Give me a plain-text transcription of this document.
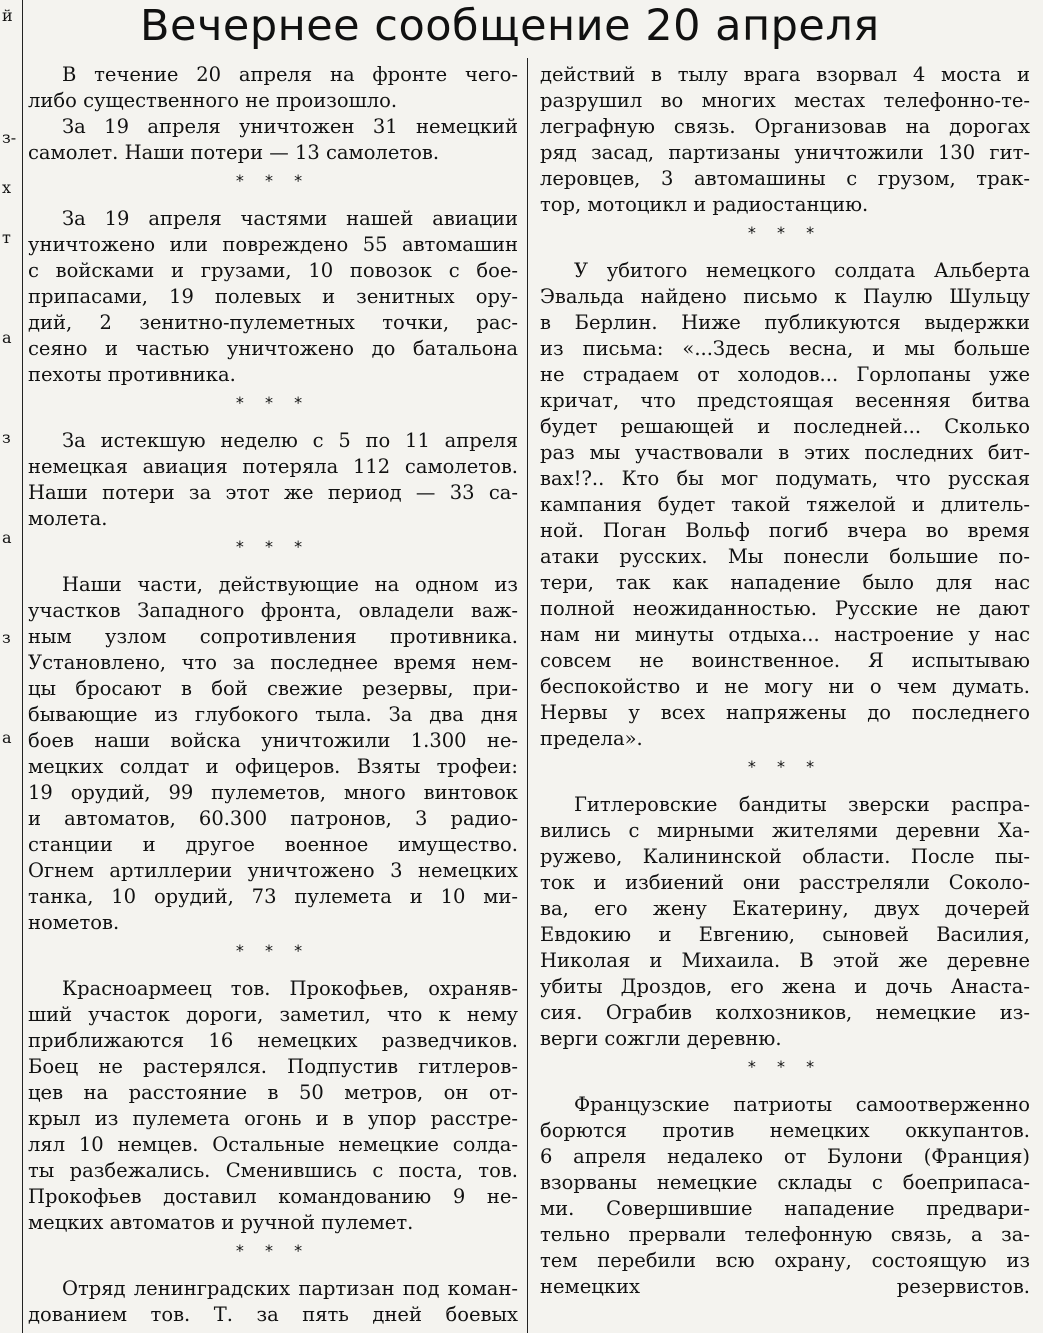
й
з-
х
т
а
з
а
з
а
Вечернее сообщение 20 апреля
В течение 20 апреля на фронте чего-
либо существенного не произошло.
За 19 апреля уничтожен 31 немецкий
самолет. Наши потери — 13 самолетов.
* * *
За 19 апреля частями нашей авиации
уничтожено или повреждено 55 автомашин
с войсками и грузами, 10 повозок с бое-
припасами, 19 полевых и зенитных ору-
дий, 2 зенитно-пулеметных точки, рас-
сеяно и частью уничтожено до батальона
пехоты противника.
* * *
За истекшую неделю с 5 по 11 апреля
немецкая авиация потеряла 112 самолетов.
Наши потери за этот же период — 33 са-
молета.
* * *
Наши части, действующие на одном из
участков Западного фронта, овладели важ-
ным узлом сопротивления противника.
Установлено, что за последнее время нем-
цы бросают в бой свежие резервы, при-
бывающие из глубокого тыла. За два дня
боев наши войска уничтожили 1.300 не-
мецких солдат и офицеров. Взяты трофеи:
19 орудий, 99 пулеметов, много винтовок
и автоматов, 60.300 патронов, 3 радио-
станции и другое военное имущество.
Огнем артиллерии уничтожено 3 немецких
танка, 10 орудий, 73 пулемета и 10 ми-
нометов.
* * *
Красноармеец тов. Прокофьев, охраняв-
ший участок дороги, заметил, что к нему
приближаются 16 немецких разведчиков.
Боец не растерялся. Подпустив гитлеров-
цев на расстояние в 50 метров, он от-
крыл из пулемета огонь и в упор расстре-
лял 10 немцев. Остальные немецкие солда-
ты разбежались. Сменившись с поста, тов.
Прокофьев доставил командованию 9 не-
мецких автоматов и ручной пулемет.
* * *
Отряд ленинградских партизан под коман-
дованием тов. Т. за пять дней боевых
действий в тылу врага взорвал 4 моста и
разрушил во многих местах телефонно-те-
леграфную связь. Организовав на дорогах
ряд засад, партизаны уничтожили 130 гит-
леровцев, 3 автомашины с грузом, трак-
тор, мотоцикл и радиостанцию.
* * *
У убитого немецкого солдата Альберта
Эвальда найдено письмо к Паулю Шульцу
в Берлин. Ниже публикуются выдержки
из письма: «...Здесь весна, и мы больше
не страдаем от холодов... Горлопаны уже
кричат, что предстоящая весенняя битва
будет решающей и последней... Сколько
раз мы участвовали в этих последних бит-
вах!?.. Кто бы мог подумать, что русская
кампания будет такой тяжелой и длитель-
ной. Поган Вольф погиб вчера во время
атаки русских. Мы понесли большие по-
тери, так как нападение было для нас
полной неожиданностью. Русские не дают
нам ни минуты отдыха... настроение у нас
совсем не воинственное. Я испытываю
беспокойство и не могу ни о чем думать.
Нервы у всех напряжены до последнего
предела».
* * *
Гитлеровские бандиты зверски распра-
вились с мирными жителями деревни Ха-
ружево, Калининской области. После пы-
ток и избиений они расстреляли Соколо-
ва, его жену Екатерину, двух дочерей
Евдокию и Евгению, сыновей Василия,
Николая и Михаила. В этой же деревне
убиты Дроздов, его жена и дочь Анаста-
сия. Ограбив колхозников, немецкие из-
верги сожгли деревню.
* * *
Французские патриоты самоотверженно
борются против немецких оккупантов.
6 апреля недалеко от Булони (Франция)
взорваны немецкие склады с боеприпаса-
ми. Совершившие нападение предвари-
тельно прервали телефонную связь, а за-
тем перебили всю охрану, состоящую из
немецких резервистов.
